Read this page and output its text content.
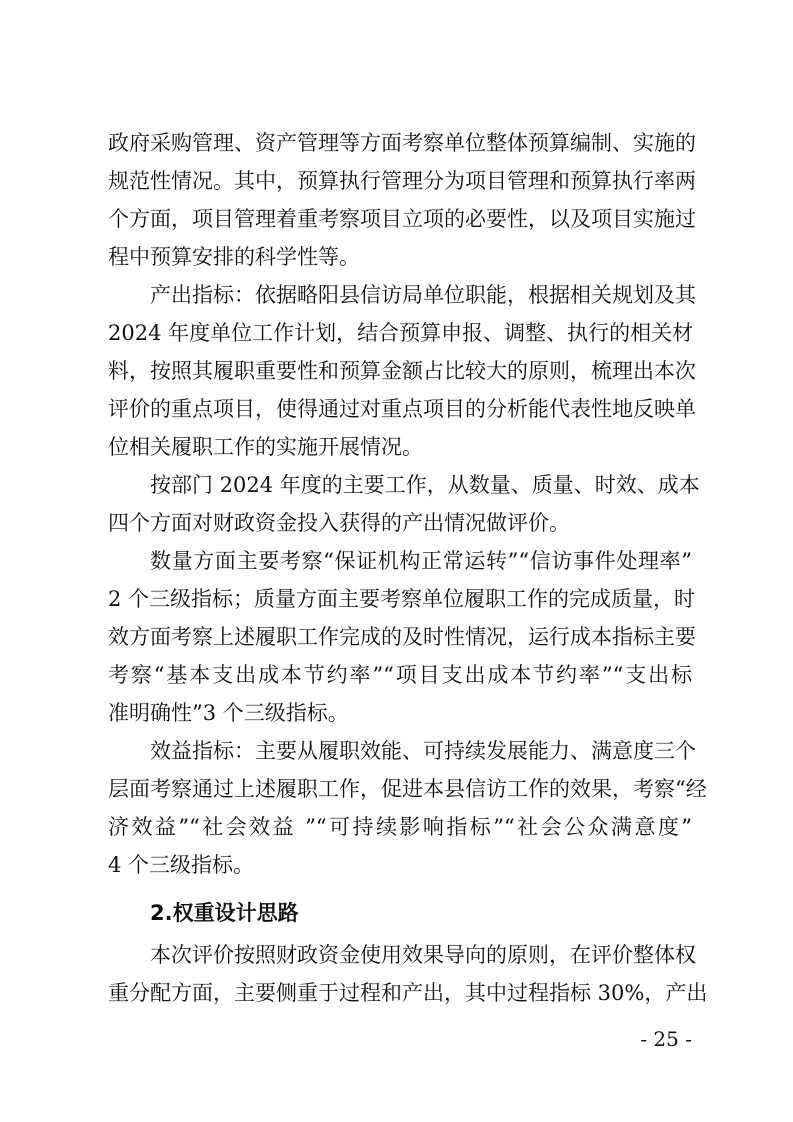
政府采购管理、资产管理等方面考察单位整体预算编制、实施的
规范性情况。其中，预算执行管理分为项目管理和预算执行率两
个方面，项目管理着重考察项目立项的必要性，以及项目实施过
程中预算安排的科学性等。
产出指标：依据略阳县信访局单位职能，根据相关规划及其
2024 年度单位工作计划，结合预算申报、调整、执行的相关材
料，按照其履职重要性和预算金额占比较大的原则，梳理出本次
评价的重点项目，使得通过对重点项目的分析能代表性地反映单
位相关履职工作的实施开展情况。
按部门 2024 年度的主要工作，从数量、质量、时效、成本
四个方面对财政资金投入获得的产出情况做评价。
数量方面主要考察“保证机构正常运转”“信访事件处理率”
2 个三级指标；质量方面主要考察单位履职工作的完成质量，时
效方面考察上述履职工作完成的及时性情况，运行成本指标主要
考察“基本支出成本节约率”“项目支出成本节约率”“支出标
准明确性”3 个三级指标。
效益指标：主要从履职效能、可持续发展能力、满意度三个
层面考察通过上述履职工作，促进本县信访工作的效果，考察“经
济效益”“社会效益 ”“可持续影响指标”“社会公众满意度”
4 个三级指标。
2.权重设计思路
本次评价按照财政资金使用效果导向的原则，在评价整体权
重分配方面，主要侧重于过程和产出，其中过程指标 30%，产出
- 25 -
